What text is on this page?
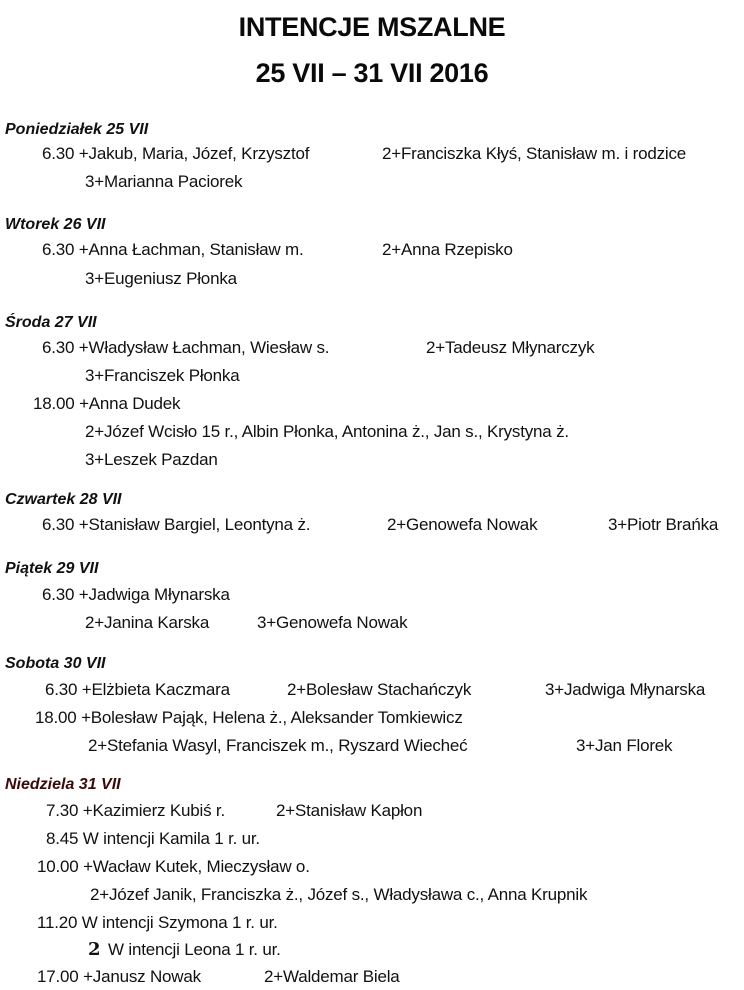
INTENCJE MSZALNE
25 VII – 31 VII 2016
Poniedziałek 25 VII
6.30 +Jakub, Maria, Józef, Krzysztof	2+Franciszka Kłyś, Stanisław m. i rodzice
3+Marianna Paciorek
Wtorek 26 VII
6.30 +Anna Łachman, Stanisław m.	2+Anna Rzepisko
3+Eugeniusz Płonka
Środa 27 VII
6.30 +Władysław Łachman, Wiesław s.	2+Tadeusz Młynarczyk
3+Franciszek Płonka
18.00 +Anna Dudek
2+Józef Wcisło 15 r., Albin Płonka, Antonina ż., Jan s., Krystyna ż.
3+Leszek Pazdan
Czwartek 28 VII
6.30 +Stanisław Bargiel, Leontyna ż.	2+Genowefa Nowak	3+Piotr Brańka
Piątek 29 VII
6.30 +Jadwiga Młynarska
2+Janina Karska	3+Genowefa Nowak
Sobota 30 VII
6.30 +Elżbieta Kaczmara	2+Bolesław Stachańczyk	3+Jadwiga Młynarska
18.00 +Bolesław Pająk, Helena ż., Aleksander Tomkiewicz
2+Stefania Wasyl, Franciszek m., Ryszard Wiecheć	3+Jan Florek
Niedziela 31 VII
7.30 +Kazimierz Kubiś r.	2+Stanisław Kapłon
8.45 W intencji Kamila 1 r. ur.
10.00 +Wacław Kutek, Mieczysław o.
2+Józef Janik, Franciszka ż., Józef s., Władysława c., Anna Krupnik
11.20 W intencji Szymona 1 r. ur.
2 W intencji Leona 1 r. ur.
17.00 +Janusz Nowak	2+Waldemar Biela
